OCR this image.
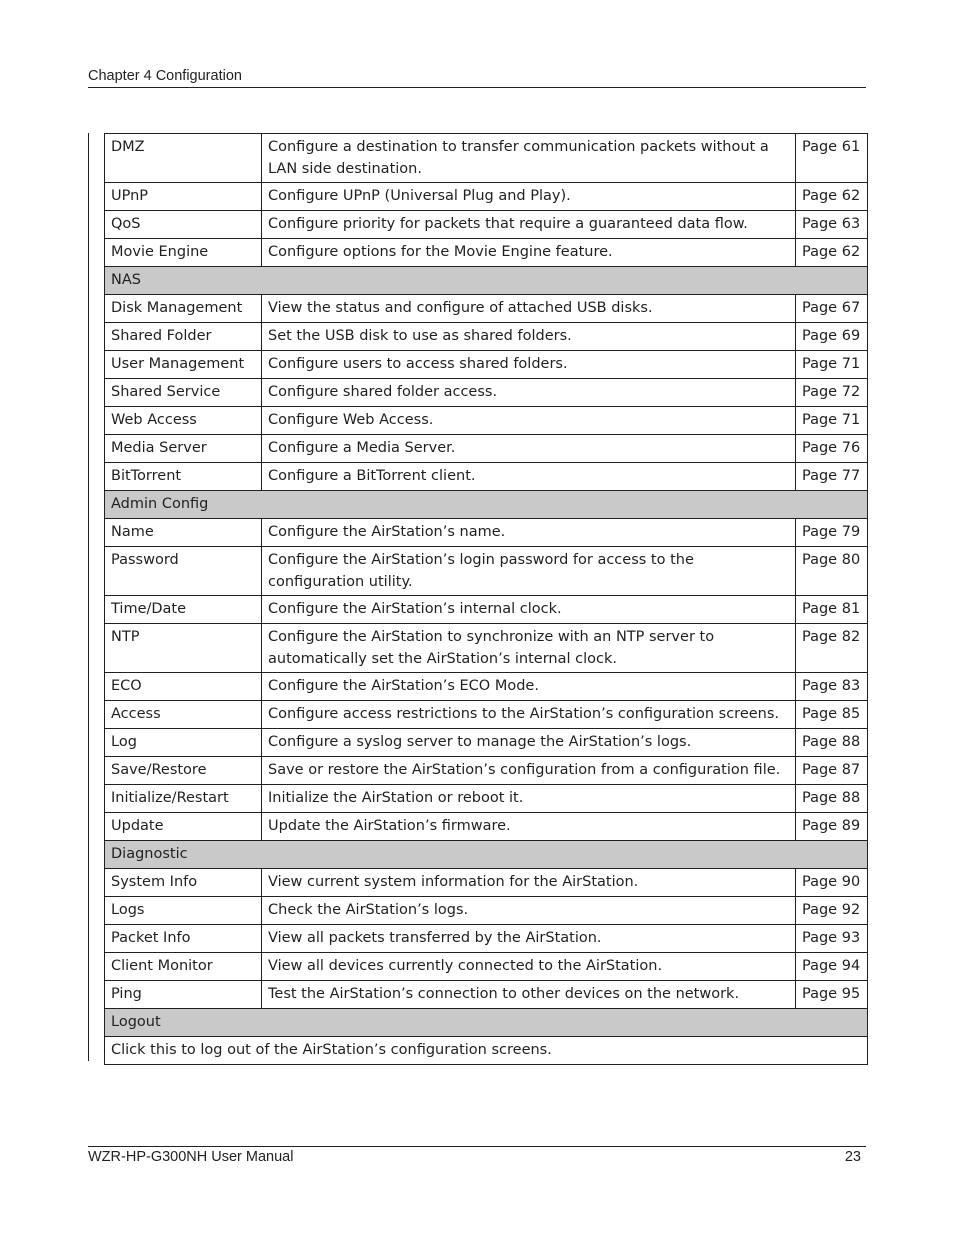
Chapter 4 Configuration
DMZ	Configure a destination to transfer communication packets without a LAN side destination.	Page 61
UPnP	Configure UPnP (Universal Plug and Play).	Page 62
QoS	Configure priority for packets that require a guaranteed data flow.	Page 63
Movie Engine	Configure options for the Movie Engine feature.	Page 62
NAS		
Disk Management	View the status and configure of attached USB disks.	Page 67
Shared Folder	Set the USB disk to use as shared folders.	Page 69
User Management	Configure users to access shared folders.	Page 71
Shared Service	Configure shared folder access.	Page 72
Web Access	Configure Web Access.	Page 71
Media Server	Configure a Media Server.	Page 76
BitTorrent	Configure a BitTorrent client.	Page 77
Admin Config		
Name	Configure the AirStation’s name.	Page 79
Password	Configure the AirStation’s login password for access to the configuration utility.	Page 80
Time/Date	Configure the AirStation’s internal clock.	Page 81
NTP	Configure the AirStation to synchronize with an NTP server to automatically set the AirStation’s internal clock.	Page 82
ECO	Configure the AirStation’s ECO Mode.	Page 83
Access	Configure access restrictions to the AirStation’s configuration screens.	Page 85
Log	Configure a syslog server to manage the AirStation’s logs.	Page 88
Save/Restore	Save or restore the AirStation’s configuration from a configuration file.	Page 87
Initialize/Restart	Initialize the AirStation or reboot it.	Page 88
Update	Update the AirStation’s firmware.	Page 89
Diagnostic		
System Info	View current system information for the AirStation.	Page 90
Logs	Check the AirStation’s logs.	Page 92
Packet Info	View all packets transferred by the AirStation.	Page 93
Client Monitor	View all devices currently connected to the AirStation.	Page 94
Ping	Test the AirStation’s connection to other devices on the network.	Page 95
Logout		
Click this to log out of the AirStation’s configuration screens.		
WZR-HP-G300NH User Manual	23
